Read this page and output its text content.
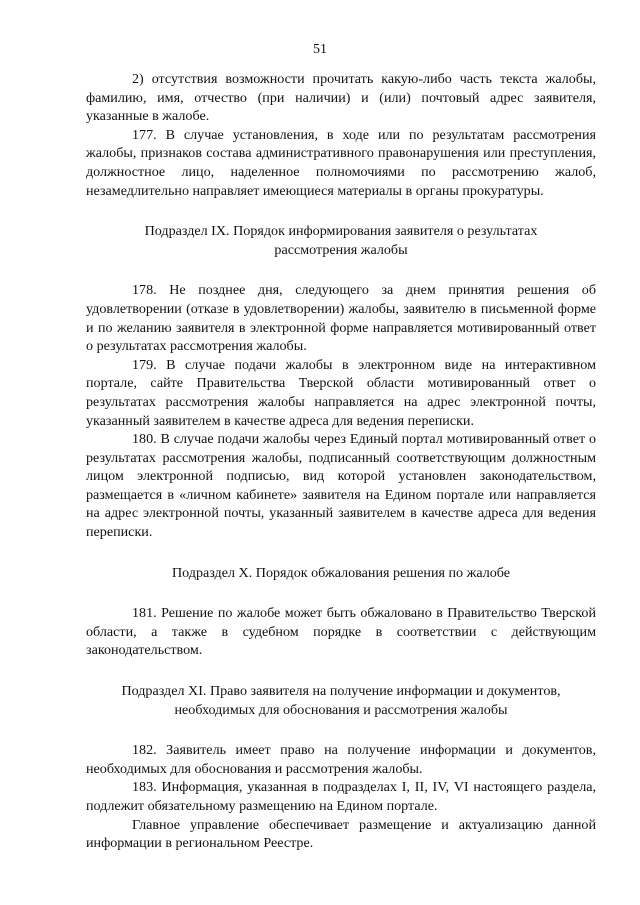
51

2) отсутствия возможности прочитать какую-либо часть текста жалобы, фамилию, имя, отчество (при наличии) и (или) почтовый адрес заявителя, указанные в жалобе.

177. В случае установления, в ходе или по результатам рассмотрения жалобы, признаков состава административного правонарушения или преступления, должностное лицо, наделенное полномочиями по рассмотрению жалоб, незамедлительно направляет имеющиеся материалы в органы прокуратуры.

Подраздел IX. Порядок информирования заявителя о результатах

рассмотрения жалобы

178. Не позднее дня, следующего за днем принятия решения об удовлетворении (отказе в удовлетворении) жалобы, заявителю в письменной форме и по желанию заявителя в электронной форме направляется мотивированный ответ о результатах рассмотрения жалобы.

179. В случае подачи жалобы в электронном виде на интерактивном портале, сайте Правительства Тверской области мотивированный ответ о результатах рассмотрения жалобы направляется на адрес электронной почты, указанный заявителем в качестве адреса для ведения переписки.

180. В случае подачи жалобы через Единый портал мотивированный ответ о результатах рассмотрения жалобы, подписанный соответствующим должностным лицом электронной подписью, вид которой установлен законодательством, размещается в «личном кабинете» заявителя на Едином портале или направляется на адрес электронной почты, указанный заявителем в качестве адреса для ведения переписки.

Подраздел X. Порядок обжалования решения по жалобе

181. Решение по жалобе может быть обжаловано в Правительство Тверской области, а также в судебном порядке в соответствии с действующим законодательством.

Подраздел XI. Право заявителя на получение информации и документов,

необходимых для обоснования и рассмотрения жалобы

182. Заявитель имеет право на получение информации и документов, необходимых для обоснования и рассмотрения жалобы.

183. Информация, указанная в подразделах I, II, IV, VI настоящего раздела, подлежит обязательному размещению на Едином портале.

Главное управление обеспечивает размещение и актуализацию данной информации в региональном Реестре.
